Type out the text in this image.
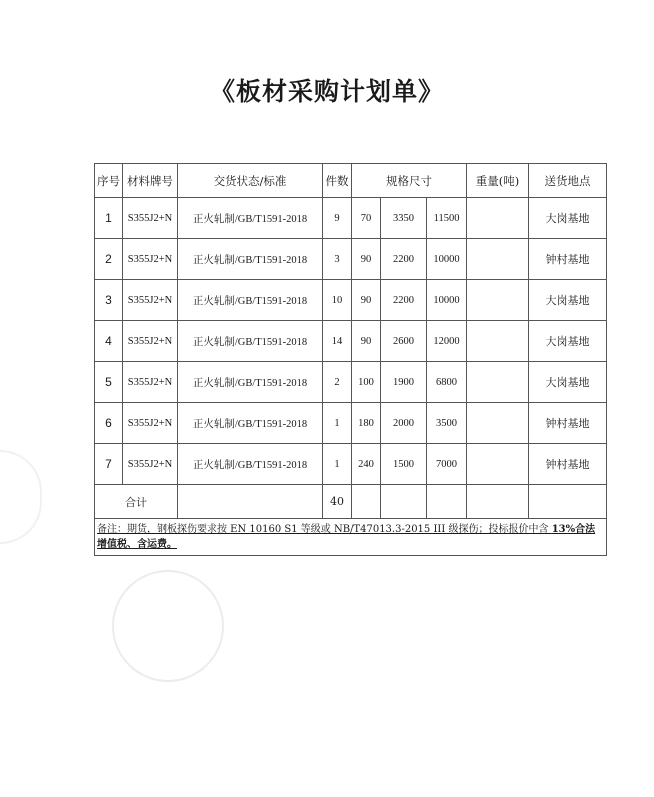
《板材采购计划单》
序号	材料牌号	交货状态/标准	件数	规格尺寸			重量(吨)	送货地点
1	S355J2+N	正火轧制/GB/T1591-2018	9	70	3350	11500		大岗基地
2	S355J2+N	正火轧制/GB/T1591-2018	3	90	2200	10000		钟村基地
3	S355J2+N	正火轧制/GB/T1591-2018	10	90	2200	10000		大岗基地
4	S355J2+N	正火轧制/GB/T1591-2018	14	90	2600	12000		大岗基地
5	S355J2+N	正火轧制/GB/T1591-2018	2	100	1900	6800		大岗基地
6	S355J2+N	正火轧制/GB/T1591-2018	1	180	2000	3500		钟村基地
7	S355J2+N	正火轧制/GB/T1591-2018	1	240	1500	7000		钟村基地
合计			40					
备注：期货，钢板探伤要求按 EN 10160 S1 等级或 NB/T47013.3-2015 III 级探伤；投标报价中含 13%合法增值税、含运费。								
